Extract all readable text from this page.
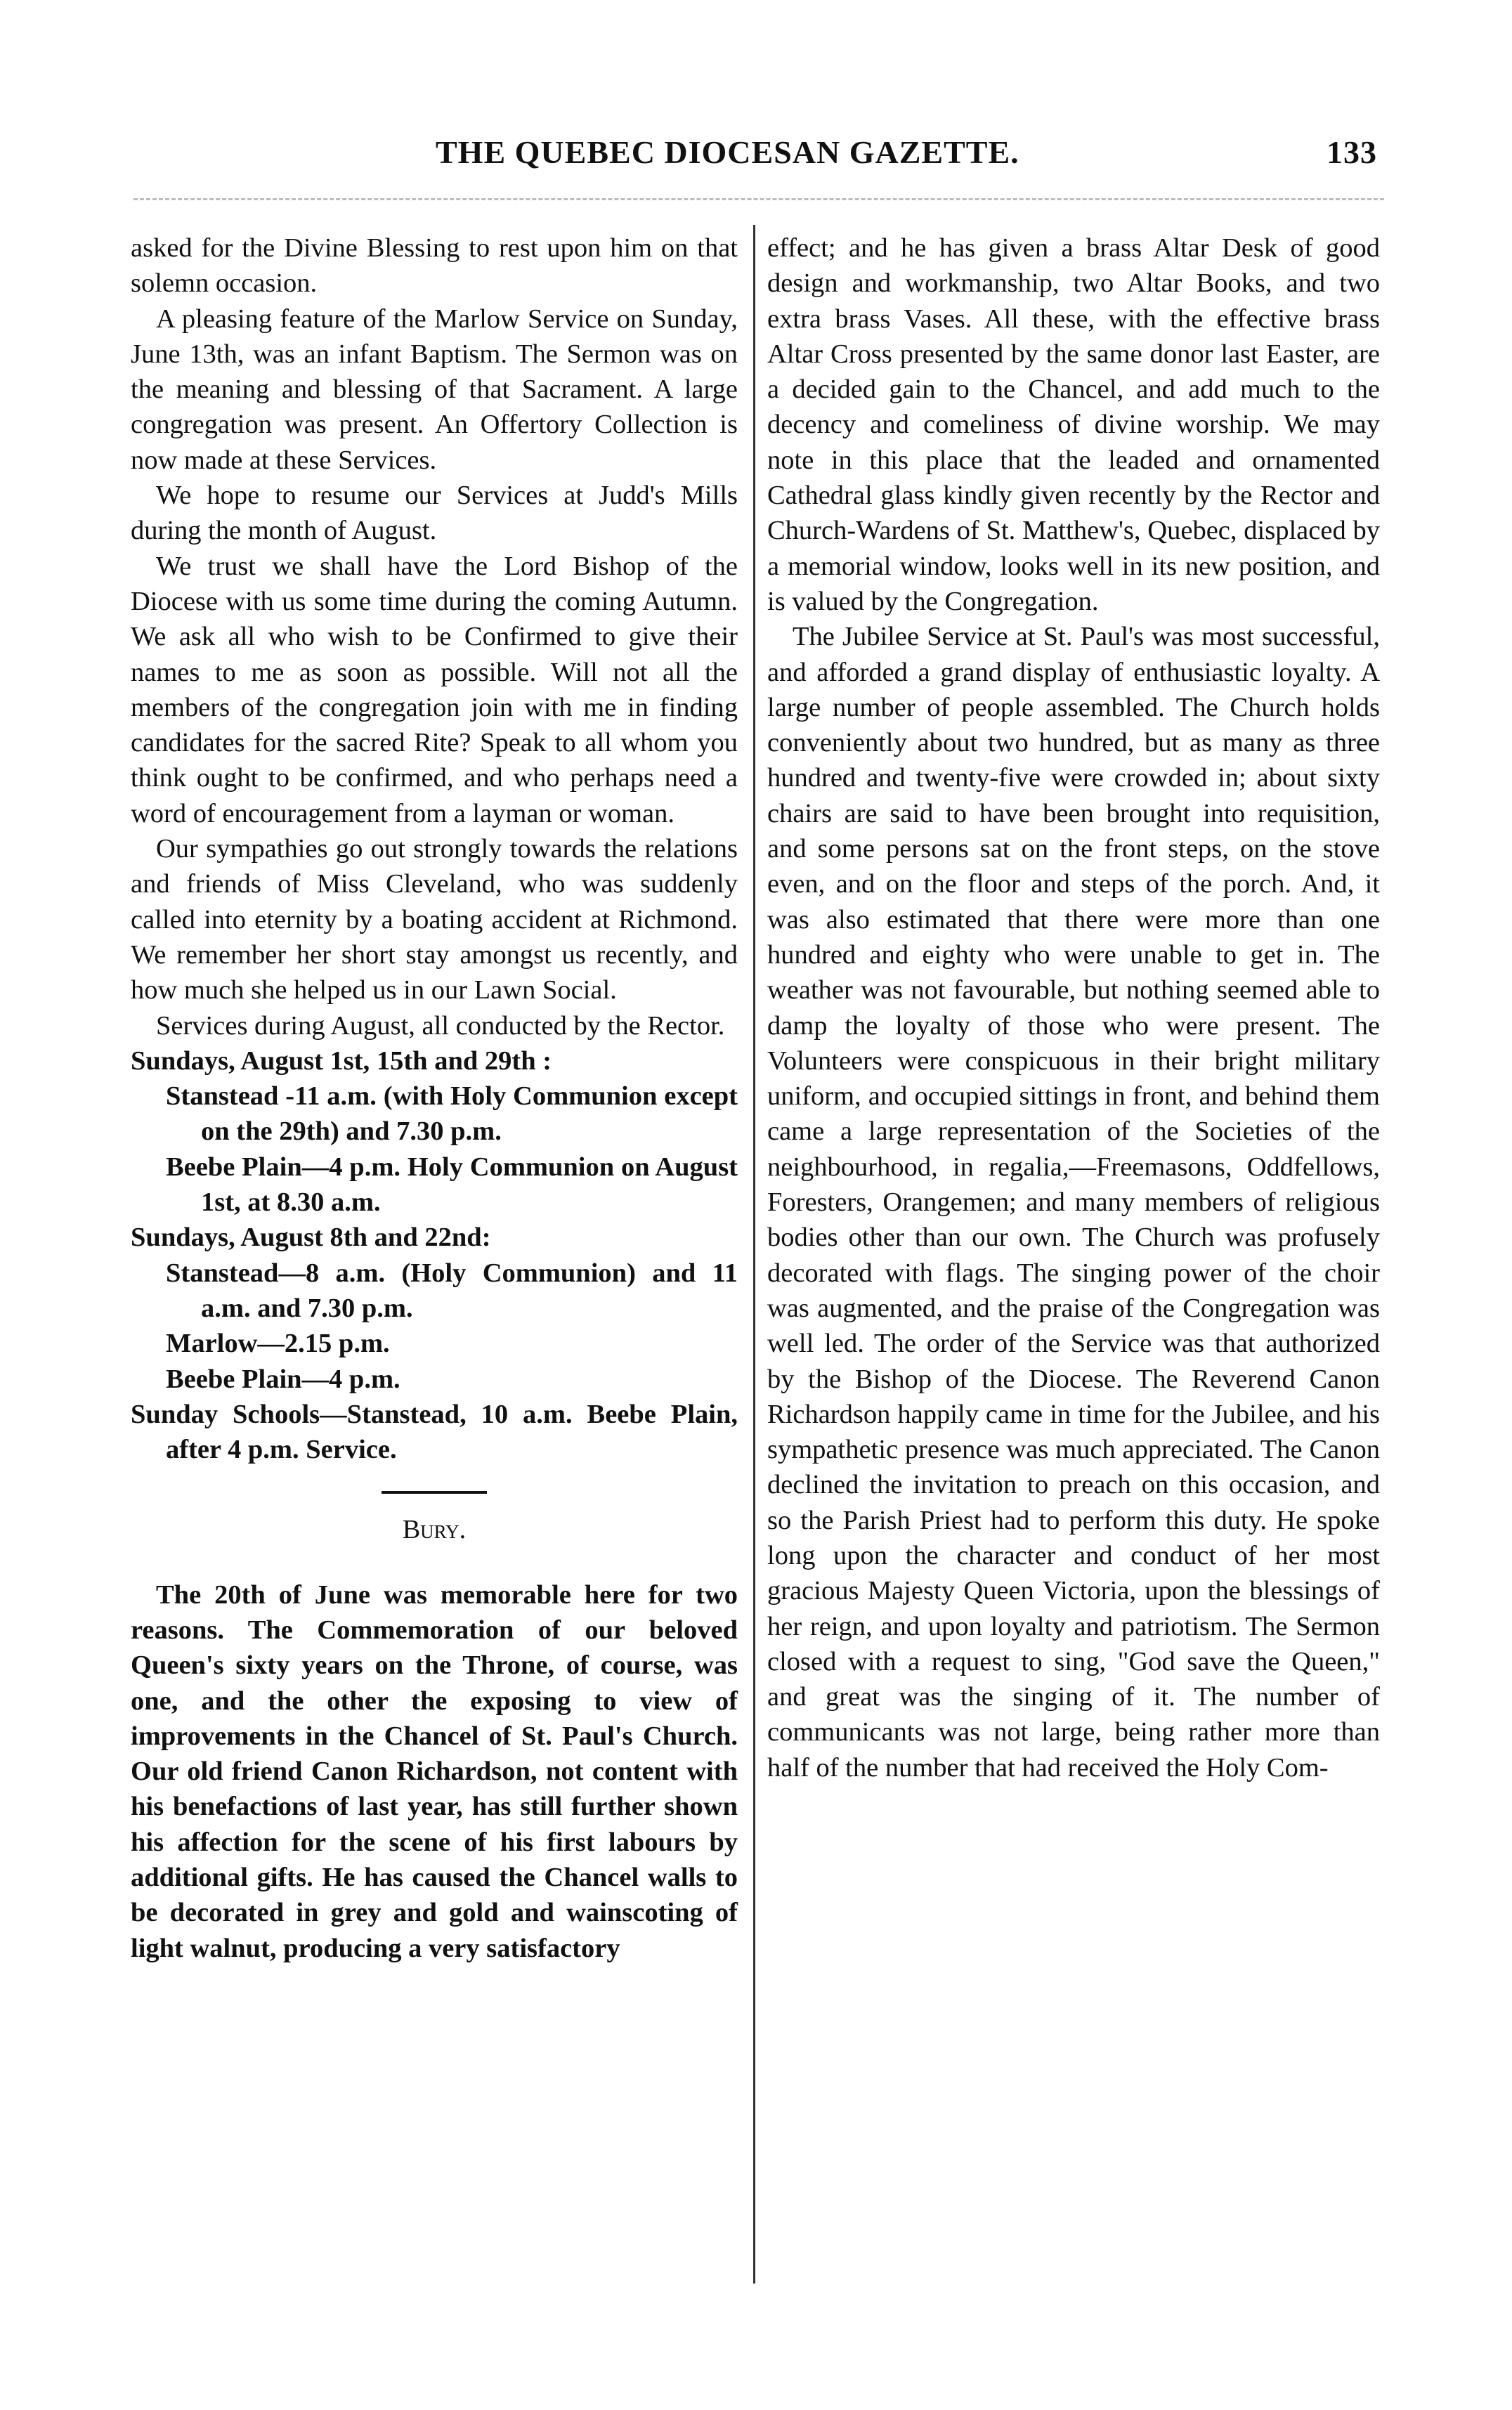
THE QUEBEC DIOCESAN GAZETTE.	133

asked for the Divine Blessing to rest upon him on that solemn occasion.

A pleasing feature of the Marlow Service on Sunday, June 13th, was an infant Baptism. The Sermon was on the meaning and blessing of that Sacrament. A large congregation was present. An Offertory Collection is now made at these Services.

We hope to resume our Services at Judd's Mills during the month of August.

We trust we shall have the Lord Bishop of the Diocese with us some time during the coming Autumn. We ask all who wish to be Confirmed to give their names to me as soon as possible. Will not all the members of the congregation join with me in finding candidates for the sacred Rite? Speak to all whom you think ought to be confirmed, and who perhaps need a word of encouragement from a layman or woman.

Our sympathies go out strongly towards the relations and friends of Miss Cleveland, who was suddenly called into eternity by a boating accident at Richmond. We remember her short stay amongst us recently, and how much she helped us in our Lawn Social.

Services during August, all conducted by the Rector.

Sundays, August 1st, 15th and 29th :

Stanstead -11 a.m. (with Holy Communion except on the 29th) and 7.30 p.m.

Beebe Plain—4 p.m. Holy Communion on August 1st, at 8.30 a.m.

Sundays, August 8th and 22nd:

Stanstead—8 a.m. (Holy Communion) and 11 a.m. and 7.30 p.m.

Marlow—2.15 p.m.

Beebe Plain—4 p.m.

Sunday Schools—Stanstead, 10 a.m. Beebe Plain, after 4 p.m. Service.

Bury.

The 20th of June was memorable here for two reasons. The Commemoration of our beloved Queen's sixty years on the Throne, of course, was one, and the other the exposing to view of improvements in the Chancel of St. Paul's Church. Our old friend Canon Richardson, not content with his benefactions of last year, has still further shown his affection for the scene of his first labours by additional gifts. He has caused the Chancel walls to be decorated in grey and gold and wainscoting of light walnut, producing a very satisfactory

effect; and he has given a brass Altar Desk of good design and workmanship, two Altar Books, and two extra brass Vases. All these, with the effective brass Altar Cross presented by the same donor last Easter, are a decided gain to the Chancel, and add much to the decency and comeliness of divine worship. We may note in this place that the leaded and ornamented Cathedral glass kindly given recently by the Rector and Church-Wardens of St. Matthew's, Quebec, displaced by a memorial window, looks well in its new position, and is valued by the Congregation.

The Jubilee Service at St. Paul's was most successful, and afforded a grand display of enthusiastic loyalty. A large number of people assembled. The Church holds conveniently about two hundred, but as many as three hundred and twenty-five were crowded in; about sixty chairs are said to have been brought into requisition, and some persons sat on the front steps, on the stove even, and on the floor and steps of the porch. And, it was also estimated that there were more than one hundred and eighty who were unable to get in. The weather was not favourable, but nothing seemed able to damp the loyalty of those who were present. The Volunteers were conspicuous in their bright military uniform, and occupied sittings in front, and behind them came a large representation of the Societies of the neighbourhood, in regalia,—Freemasons, Oddfellows, Foresters, Orangemen; and many members of religious bodies other than our own. The Church was profusely decorated with flags. The singing power of the choir was augmented, and the praise of the Congregation was well led. The order of the Service was that authorized by the Bishop of the Diocese. The Reverend Canon Richardson happily came in time for the Jubilee, and his sympathetic presence was much appreciated. The Canon declined the invitation to preach on this occasion, and so the Parish Priest had to perform this duty. He spoke long upon the character and conduct of her most gracious Majesty Queen Victoria, upon the blessings of her reign, and upon loyalty and patriotism. The Sermon closed with a request to sing, "God save the Queen," and great was the singing of it. The number of communicants was not large, being rather more than half of the number that had received the Holy Com-
